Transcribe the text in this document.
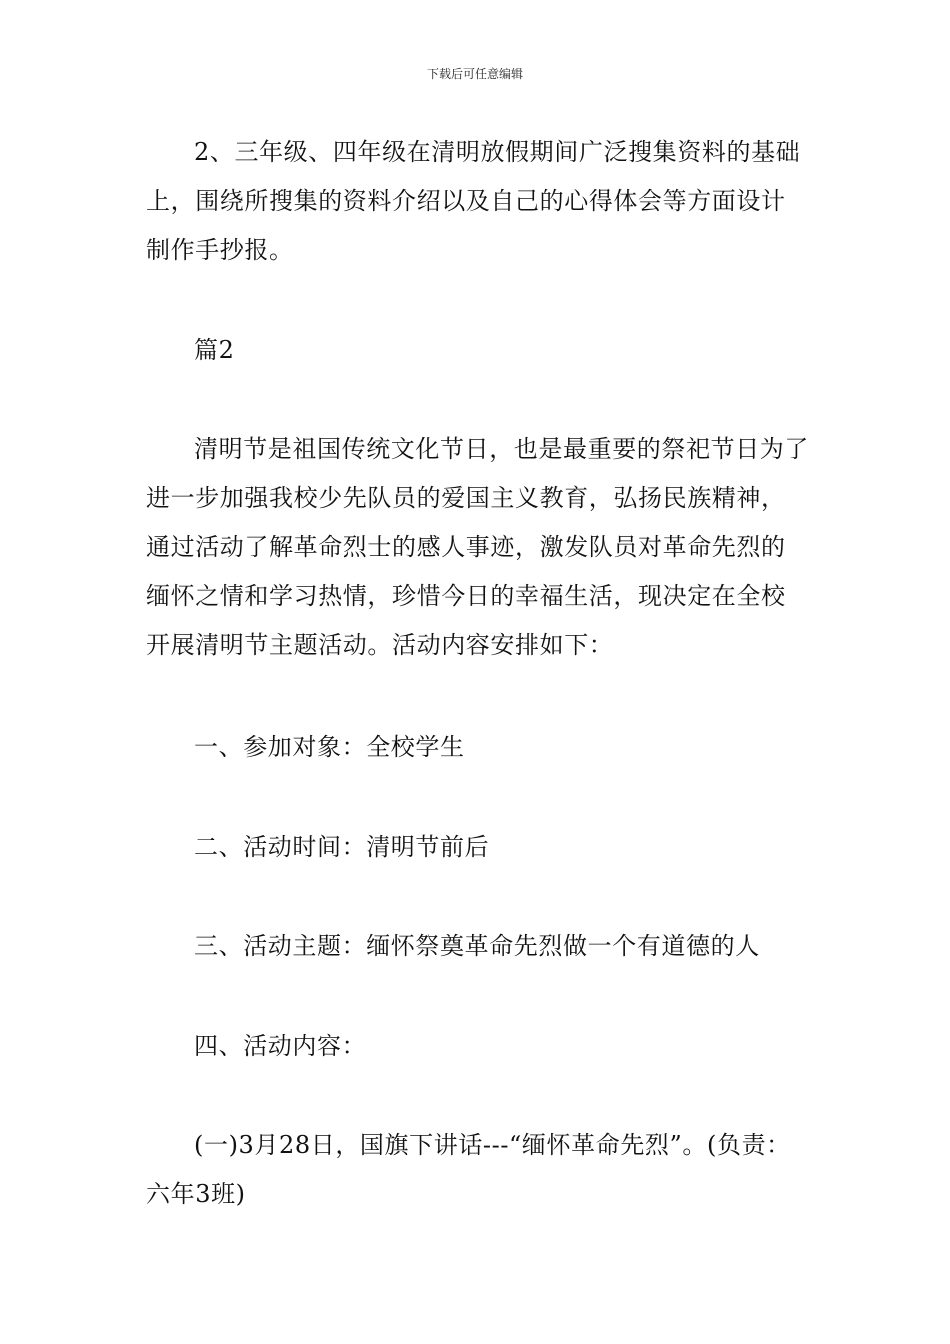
下载后可任意编辑

2、三年级、四年级在清明放假期间广泛搜集资料的基础上，围绕所搜集的资料介绍以及自己的心得体会等方面设计制作手抄报。

篇2

清明节是祖国传统文化节日，也是最重要的祭祀节日为了进一步加强我校少先队员的爱国主义教育，弘扬民族精神，通过活动了解革命烈士的感人事迹，激发队员对革命先烈的缅怀之情和学习热情，珍惜今日的幸福生活，现决定在全校开展清明节主题活动。活动内容安排如下：

一、参加对象：全校学生

二、活动时间：清明节前后

三、活动主题：缅怀祭奠革命先烈做一个有道德的人

四、活动内容：

(一)3月28日，国旗下讲话---“缅怀革命先烈”。(负责：六年3班)
